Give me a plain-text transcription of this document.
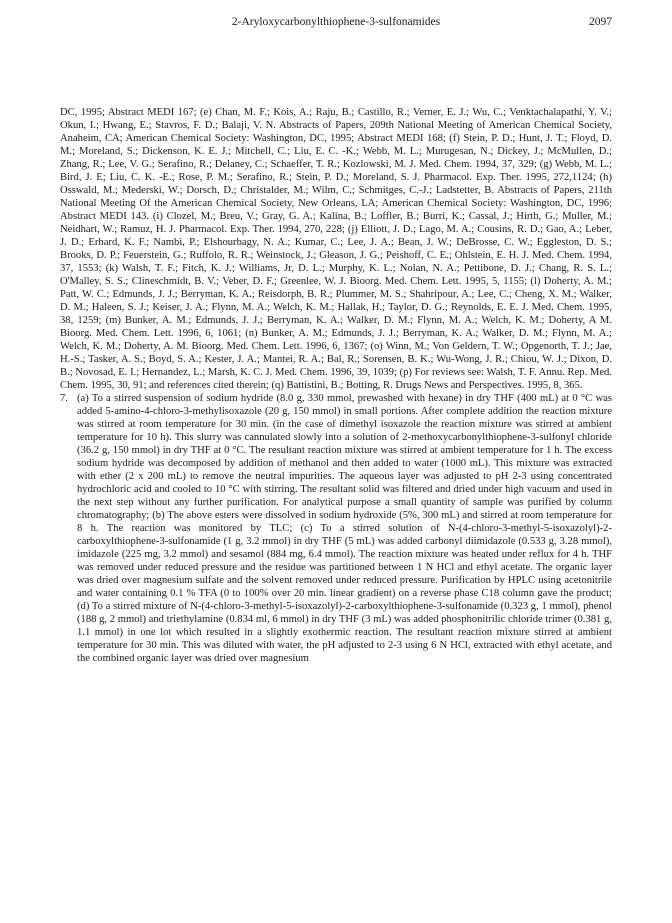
2-Aryloxycarbonylthiophene-3-sulfonamides	2097

DC, 1995; Abstract MEDI 167; (e) Chan, M. F.; Kois, A.; Raju, B.; Castillo, R.; Verner, E. J.; Wu, C.; Venktachalapathi, Y. V.; Okun, I.; Hwang, E.; Stavros, F. D.; Balaji, V. N. Abstracts of Papers, 209th National Meeting of American Chemical Society, Anaheim, CA; American Chemical Society: Washington, DC, 1995; Abstract MEDI 168; (f) Stein, P. D.; Hunt, J. T.; Floyd, D. M.; Moreland, S.; Dickenson, K. E. J.; Mitchell, C.; Liu, E. C. -K.; Webb, M. L.; Murugesan, N.; Dickey, J.; McMullen, D.; Zhang, R.; Lee, V. G.; Serafino, R.; Delaney, C.; Schaeffer, T. R.; Kozlowski, M. J. Med. Chem. 1994, 37, 329; (g) Webb, M. L.; Bird, J. E; Liu, C. K. -E.; Rose, P. M.; Serafino, R.; Stein, P. D.; Moreland, S. J. Pharmacol. Exp. Ther. 1995, 272,1124; (h) Osswald, M.; Mederski, W.; Dorsch, D.; Christalder, M.; Wilm, C.; Schmitges, C.-J.; Ladstetter, B. Abstracts of Papers, 211th National Meeting Of the American Chemical Society, New Orleans, LA; American Chemical Society: Washington, DC, 1996; Abstract MEDI 143. (i) Clozel, M.; Breu, V.; Gray, G. A.; Kalina, B.; Loffler, B.; Burri, K.; Cassal, J.; Hirth, G.; Muller, M.; Neidhart, W.; Ramuz, H. J. Pharmacol. Exp. Ther. 1994, 270, 228; (j) Elliott, J. D.; Lago, M. A.; Cousins, R. D.; Gao, A.; Leber, J. D.; Erhard, K. F.; Nambi, P.; Elshourbagy, N. A.; Kumar, C.; Lee, J. A.; Bean, J. W.; DeBrosse, C. W.; Eggleston, D. S.; Brooks, D. P.; Feuerstein, G.; Ruffolo, R. R.; Weinstock, J.; Gleason, J. G.; Peishoff, C. E.; Ohlstein, E. H. J. Med. Chem. 1994, 37, 1553; (k) Walsh, T. F.; Fitch, K. J.; Williams, Jr, D. L.; Murphy, K. L.; Nolan, N. A.; Pettibone, D. J.; Chang, R. S. L.; O'Malley, S. S.; Clineschmidt, B. V.; Veber, D. F.; Greenlee, W. J. Bioorg. Med. Chem. Lett. 1995, 5, 1155; (l) Doherty, A. M.; Patt, W. C.; Edmunds, J. J.; Berryman, K. A.; Reisdorph, B. R.; Plummer, M. S.; Shahripour, A.; Lee, C.; Cheng, X. M.; Walker, D. M.; Haleen, S. J.; Keiser, J. A.; Flynn, M. A.; Welch, K. M.; Hallak, H.; Taylor, D. G.; Reynolds, E. E. J. Med. Chem. 1995, 38, 1259; (m) Bunker, A. M.; Edmunds, J. J.; Berryman, K. A.; Walker, D. M.; Flynn, M. A.; Welch, K. M.; Doherty, A M. Bioorg. Med. Chem. Lett. 1996, 6, 1061; (n) Bunker, A. M.; Edmunds, J. J.; Berryman, K. A.; Walker, D. M.; Flynn, M. A.; Welch, K. M.; Doherty, A. M. Bioorg. Med. Chem. Lett. 1996, 6, 1367; (o) Winn, M.; Von Geldern, T. W.; Opgenorth, T. J.; Jae, H.-S.; Tasker, A. S.; Boyd, S. A.; Kester, J. A.; Mantei, R. A.; Bal, R.; Sorensen, B. K.; Wu-Wong, J. R.; Chiou, W. J.; Dixon, D. B.; Novosad, E. I.; Hernandez, L.; Marsh, K. C. J. Med. Chem. 1996, 39, 1039; (p) For reviews see: Walsh, T. F. Annu. Rep. Med. Chem. 1995, 30, 91; and references cited therein; (q) Battistini, B.; Botting, R. Drugs News and Perspectives. 1995, 8, 365.

7. (a) To a stirred suspension of sodium hydride (8.0 g, 330 mmol, prewashed with hexane) in dry THF (400 mL) at 0 °C was added 5-amino-4-chloro-3-methylisoxazole (20 g, 150 mmol) in small portions. After complete addition the reaction mixture was stirred at room temperature for 30 min. (in the case of dimethyl isoxazole the reaction mixture was stirred at ambient temperature for 10 h). This slurry was cannulated slowly into a solution of 2-methoxycarbonylthiophene-3-sulfonyl chloride (36.2 g, 150 mmol) in dry THF at 0 °C. The resultant reaction mixture was stirred at ambient temperature for 1 h. The excess sodium hydride was decomposed by addition of methanol and then added to water (1000 mL). This mixture was extracted with ether (2 x 200 mL) to remove the neutral impurities. The aqueous layer was adjusted to pH 2-3 using concentrated hydrochloric acid and cooled to 10 °C with stirring. The resultant solid was filtered and dried under high vacuum and used in the next step without any further purification. For analytical purpose a small quantity of sample was purified by column chromatography; (b) The above esters were dissolved in sodium hydroxide (5%, 300 mL) and stirred at room temperature for 8 h. The reaction was monitored by TLC; (c) To a stirred solution of N-(4-chloro-3-methyl-5-isoxazolyl)-2-carboxylthiophene-3-sulfonamide (1 g, 3.2 mmol) in dry THF (5 mL) was added carbonyl diimidazole (0.533 g, 3.28 mmol), imidazole (225 mg, 3.2 mmol) and sesamol (884 mg, 6.4 mmol). The reaction mixture was heated under reflux for 4 h. THF was removed under reduced pressure and the residue was partitioned between 1 N HCl and ethyl acetate. The organic layer was dried over magnesium sulfate and the solvent removed under reduced pressure. Purification by HPLC using acetonitrile and water containing 0.1 % TFA (0 to 100% over 20 min. linear gradient) on a reverse phase C18 column gave the product; (d) To a stirred mixture of N-(4-chloro-3-methyl-5-isoxazolyl)-2-carboxylthiophene-3-sulfonamide (0.323 g, 1 mmol), phenol (188 g, 2 mmol) and triethylamine (0.834 ml, 6 mmol) in dry THF (3 mL) was added phosphonitrilic chloride trimer (0.381 g, 1.1 mmol) in one lot which resulted in a slightly exothermic reaction. The resultant reaction mixture stirred at ambient temperature for 30 min. This was diluted with water, the pH adjusted to 2-3 using 6 N HCl, extracted with ethyl acetate, and the combined organic layer was dried over magnesium
